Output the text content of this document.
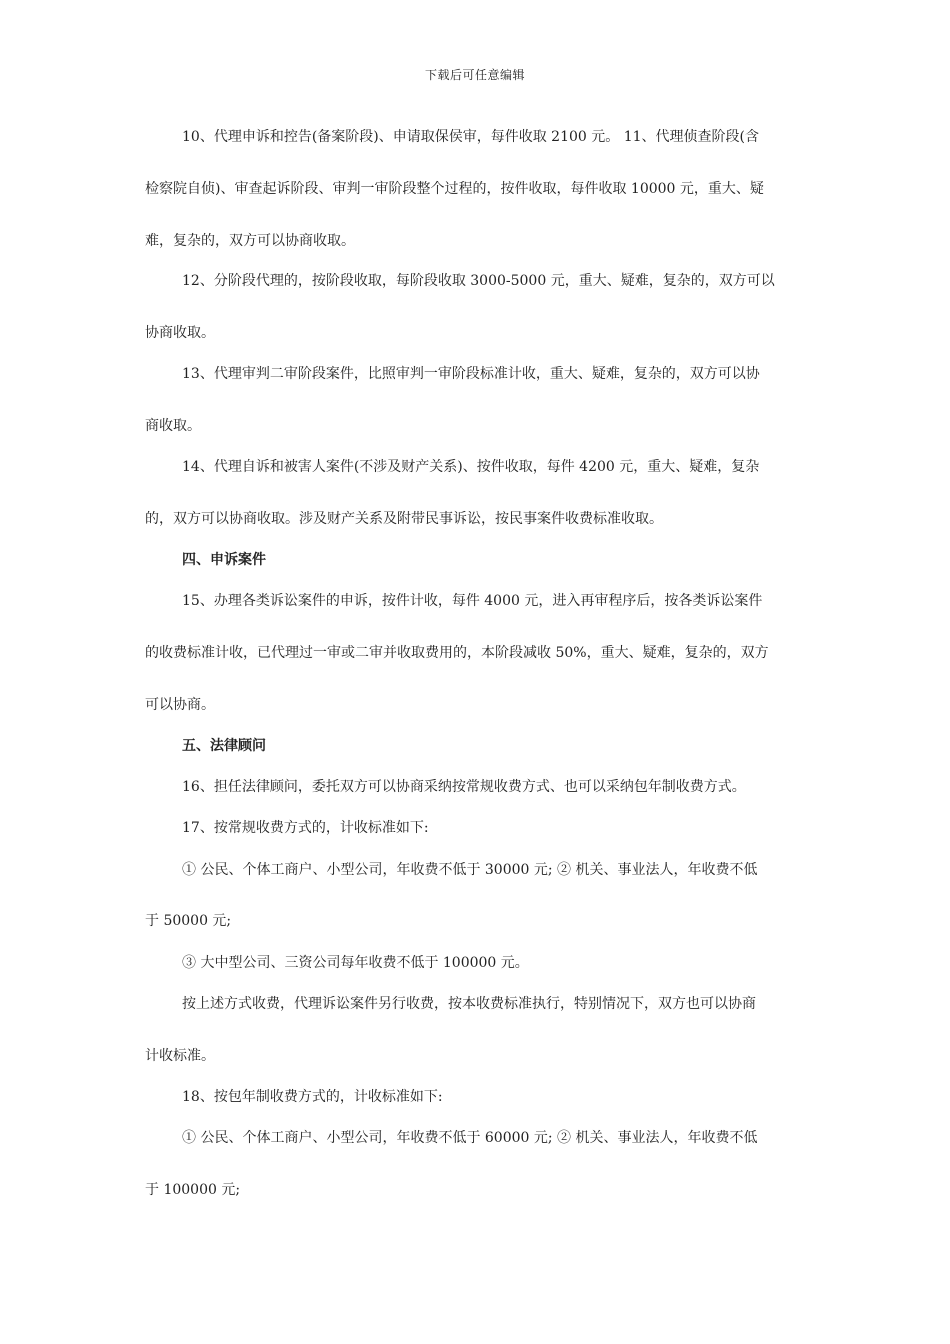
下载后可任意编辑
10、代理申诉和控告(备案阶段)、申请取保侯审，每件收取 2100 元。 11、代理侦查阶段(含
检察院自侦)、审查起诉阶段、审判一审阶段整个过程的，按件收取，每件收取 10000 元，重大、疑
难，复杂的，双方可以协商收取。
12、分阶段代理的，按阶段收取，每阶段收取 3000-5000 元，重大、疑难，复杂的，双方可以
协商收取。
13、代理审判二审阶段案件，比照审判一审阶段标准计收，重大、疑难，复杂的，双方可以协
商收取。
14、代理自诉和被害人案件(不涉及财产关系)、按件收取，每件 4200 元，重大、疑难，复杂
的，双方可以协商收取。涉及财产关系及附带民事诉讼，按民事案件收费标准收取。
四、申诉案件
15、办理各类诉讼案件的申诉，按件计收，每件 4000 元，进入再审程序后，按各类诉讼案件
的收费标准计收，已代理过一审或二审并收取费用的，本阶段减收 50%，重大、疑难，复杂的，双方
可以协商。
五、法律顾问
16、担任法律顾问，委托双方可以协商采纳按常规收费方式、也可以采纳包年制收费方式。
17、按常规收费方式的，计收标准如下:
① 公民、个体工商户、小型公司，年收费不低于 30000 元; ② 机关、事业法人，年收费不低
于 50000 元;
③ 大中型公司、三资公司每年收费不低于 100000 元。
按上述方式收费，代理诉讼案件另行收费，按本收费标准执行，特别情况下，双方也可以协商
计收标准。
18、按包年制收费方式的，计收标准如下:
① 公民、个体工商户、小型公司，年收费不低于 60000 元; ② 机关、事业法人，年收费不低
于 100000 元;
